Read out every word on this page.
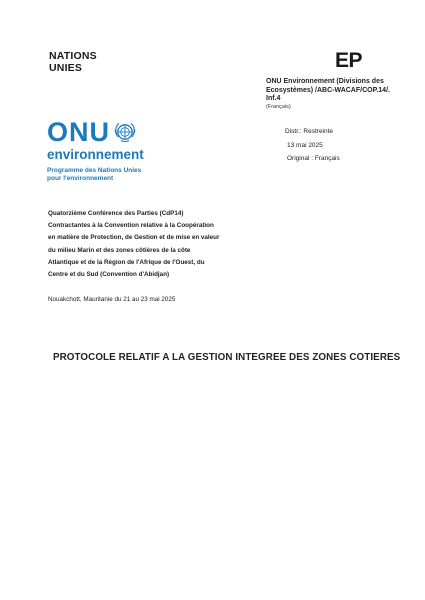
NATIONS
UNIES	EP
ONU Environnement (Divisions des
Ecosystèmes) /ABC-WACAF/COP.14/.
Inf.4
(Français)
ONU
environnement
Programme des Nations Unies
pour l'environnement
Distr.: Restreinte
13 mai 2025
Original : Français
Quatorzième Conférence des Parties (CdP14)
Contractantes à la Convention relative à la Coopération
en matière de Protection, de Gestion et de mise en valeur
du milieu Marin et des zones côtières de la côte
Atlantique et de la Région de l'Afrique de l'Ouest, du
Centre et du Sud (Convention d'Abidjan)
Nouakchott, Mauritanie du 21 au 23 mai 2025
PROTOCOLE RELATIF A LA GESTION INTEGREE DES ZONES COTIERES
